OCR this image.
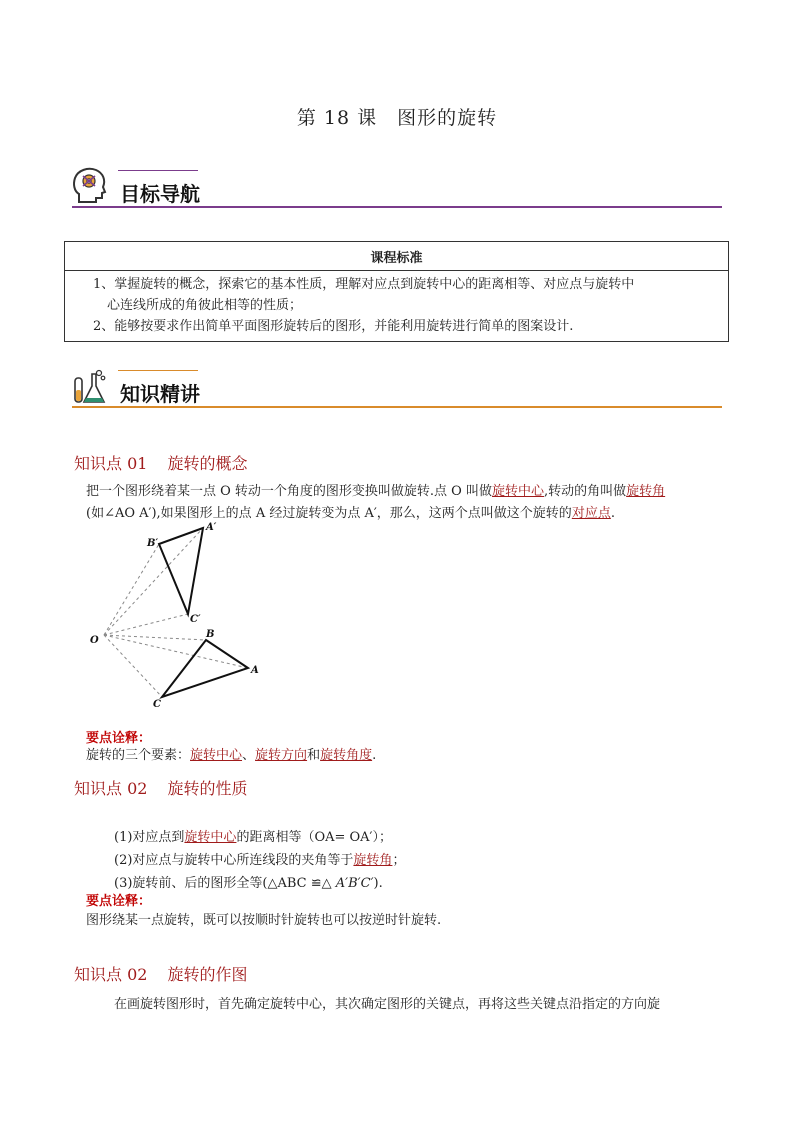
第 18 课　图形的旋转
目标导航
课程标准

1、掌握旋转的概念，探索它的基本性质，理解对应点到旋转中心的距离相等、对应点与旋转中
心连线所成的角彼此相等的性质；
2、能够按要求作出简单平面图形旋转后的图形，并能利用旋转进行简单的图案设计.
知识精讲
知识点 01 旋转的概念
把一个图形绕着某一点 O 转动一个角度的图形变换叫做旋转.点 O 叫做旋转中心,转动的角叫做旋转角
(如∠AO A′),如果图形上的点 A 经过旋转变为点 A′，那么，这两个点叫做这个旋转的对应点.
O
A′
B′
C′
A
B
C
要点诠释：
旋转的三个要素：旋转中心、旋转方向和旋转角度.
知识点 02 旋转的性质
(1)对应点到旋转中心的距离相等（OA= OA′）；
(2)对应点与旋转中心所连线段的夹角等于旋转角；
(3)旋转前、后的图形全等(△ABC ≌△ A′B′C′).
要点诠释：
图形绕某一点旋转，既可以按顺时针旋转也可以按逆时针旋转.
知识点 02 旋转的作图
在画旋转图形时，首先确定旋转中心，其次确定图形的关键点，再将这些关键点沿指定的方向旋
